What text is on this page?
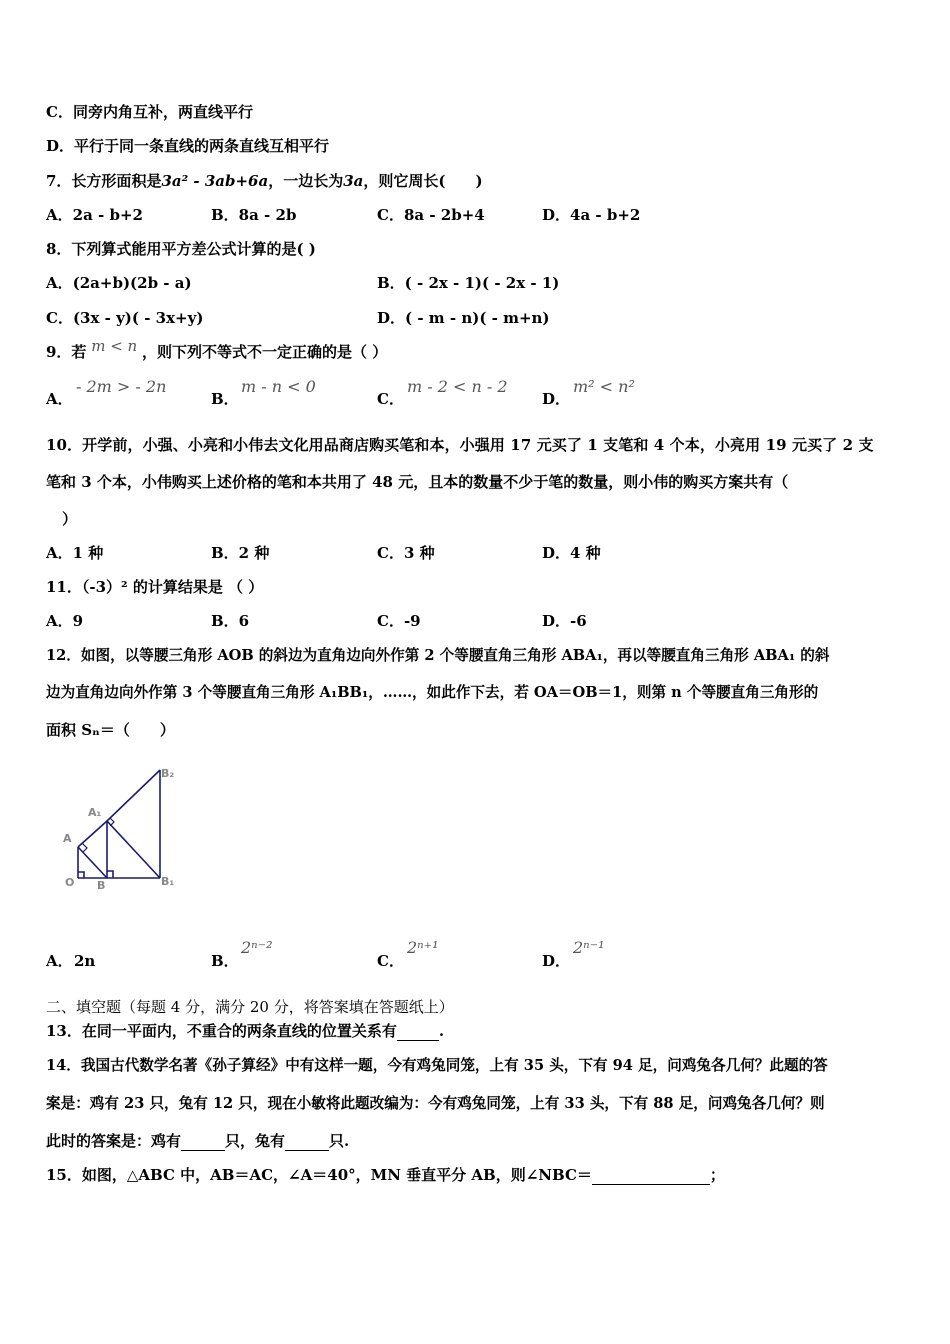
C．同旁内角互补，两直线平行
D．平行于同一条直线的两条直线互相平行
7．长方形面积是3a² - 3ab+6a，一边长为3a，则它周长(　　)
A．2a - b+2	B．8a - 2b	C．8a - 2b+4	D．4a - b+2
8．下列算式能用平方差公式计算的是( )
A．(2a+b)(2b - a)	B．( - 2x - 1)( - 2x - 1)
C．(3x - y)( - 3x+y)	D．( - m - n)( - m+n)
9．若 m < n ，则下列不等式不一定正确的是（ ）
A．
- 2m > - 2n
B．
m - n < 0
C．
m - 2 < n - 2
D．
m² < n²
10．开学前，小强、小亮和小伟去文化用品商店购买笔和本，小强用 17 元买了 1 支笔和 4 个本，小亮用 19 元买了 2 支
笔和 3 个本，小伟购买上述价格的笔和本共用了 48 元，且本的数量不少于笔的数量，则小伟的购买方案共有（
）
A．1 种	B．2 种	C．3 种	D．4 种
11．（-3）² 的计算结果是 （ ）
A．9	B．6	C．-9	D．-6
12．如图，以等腰三角形 AOB 的斜边为直角边向外作第 2 个等腰直角三角形 ABA₁，再以等腰直角三角形 ABA₁ 的斜
边为直角边向外作第 3 个等腰直角三角形 A₁BB₁，……，如此作下去，若 OA＝OB＝1，则第 n 个等腰直角三角形的
面积 Sₙ＝（　　）
O B	B₁
A
A₁
B₂
A． 2n	B．
2ⁿ⁻²
C．
2ⁿ⁺¹
D．
2ⁿ⁻¹
二、填空题（每题 4 分，满分 20 分，将答案填在答题纸上）
13．在同一平面内，不重合的两条直线的位置关系有	.
14．我国古代数学名著《孙子算经》中有这样一题，今有鸡兔同笼，上有 35 头，下有 94 足，问鸡兔各几何？此题的答
案是：鸡有 23 只，兔有 12 只，现在小敏将此题改编为：今有鸡兔同笼，上有 33 头，下有 88 足，问鸡兔各几何？则
此时的答案是：鸡有	只，兔有	只.
15．如图，△ABC 中，AB＝AC，∠A＝40°，MN 垂直平分 AB，则∠NBC＝	；
